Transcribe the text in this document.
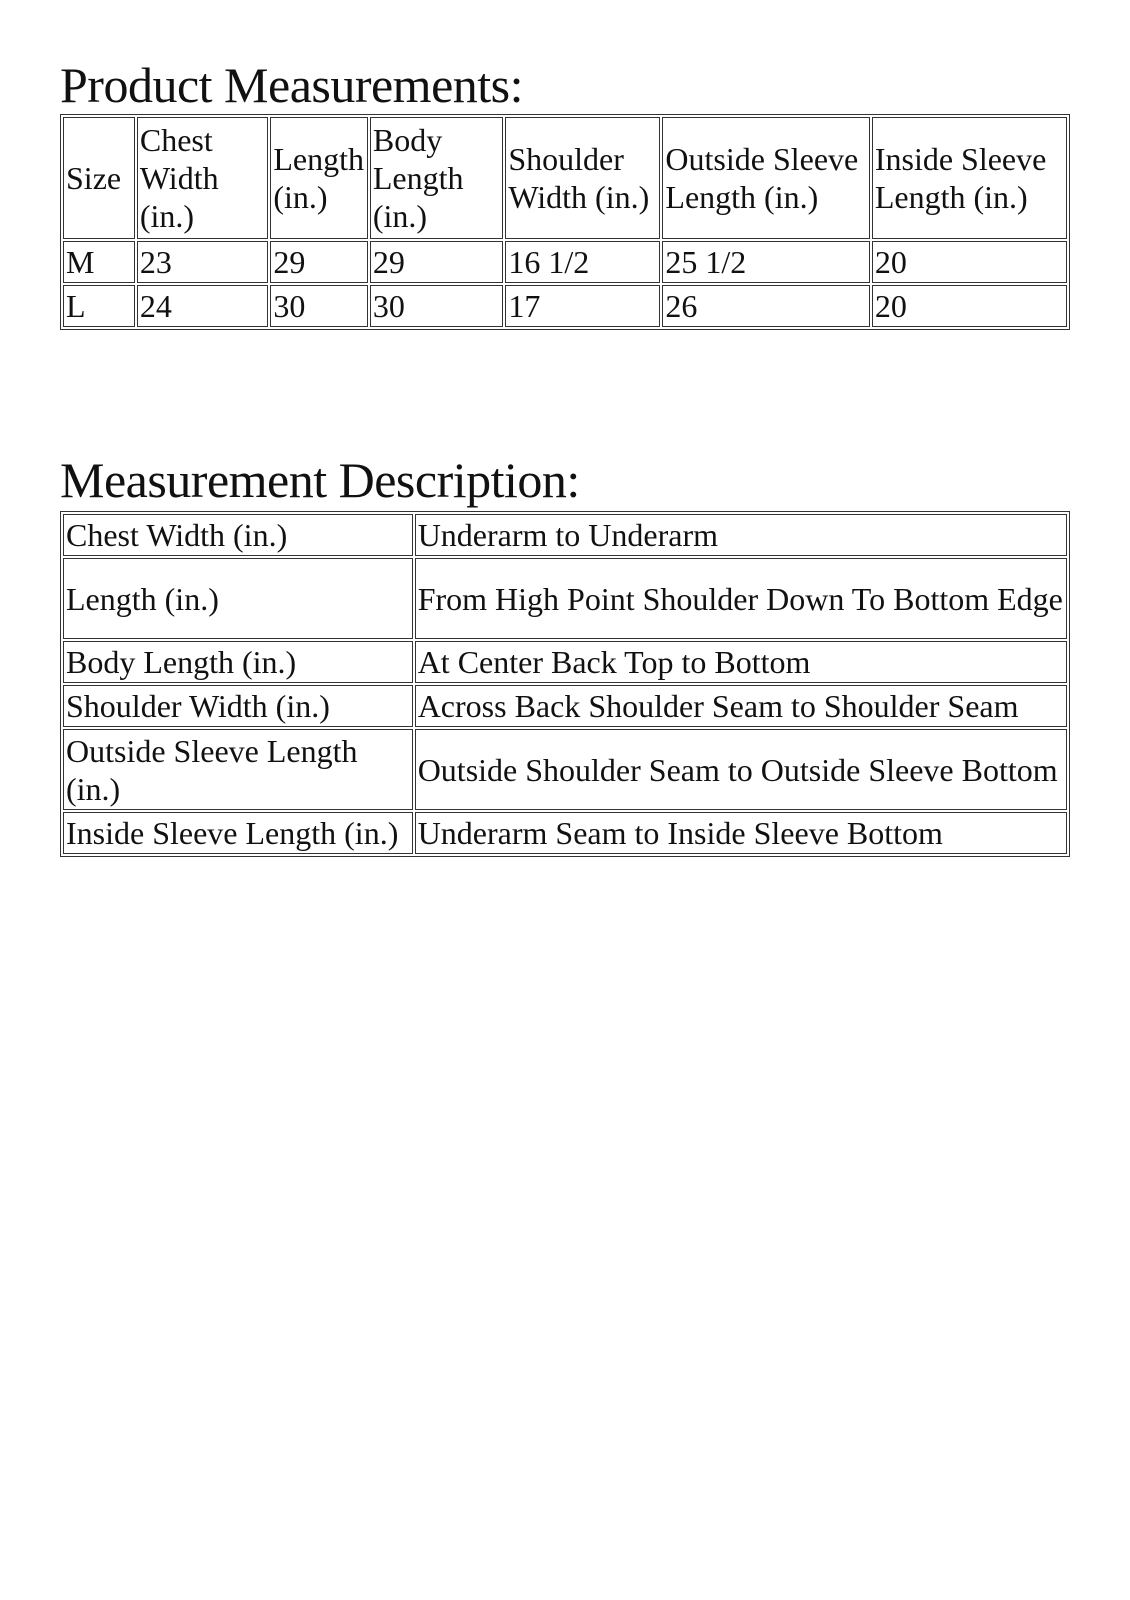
Product Measurements:
Size	Chest Width (in.)	Length (in.)	Body Length (in.)	Shoulder Width (in.)	Outside Sleeve Length (in.)	Inside Sleeve Length (in.)
M	23	29	29	16 1/2	25 1/2	20
L	24	30	30	17	26	20
Measurement Description:
Chest Width (in.)	Underarm to Underarm
Length (in.)	From High Point Shoulder Down To Bottom Edge
Body Length (in.)	At Center Back Top to Bottom
Shoulder Width (in.)	Across Back Shoulder Seam to Shoulder Seam
Outside Sleeve Length (in.)	Outside Shoulder Seam to Outside Sleeve Bottom
Inside Sleeve Length (in.)	Underarm Seam to Inside Sleeve Bottom
